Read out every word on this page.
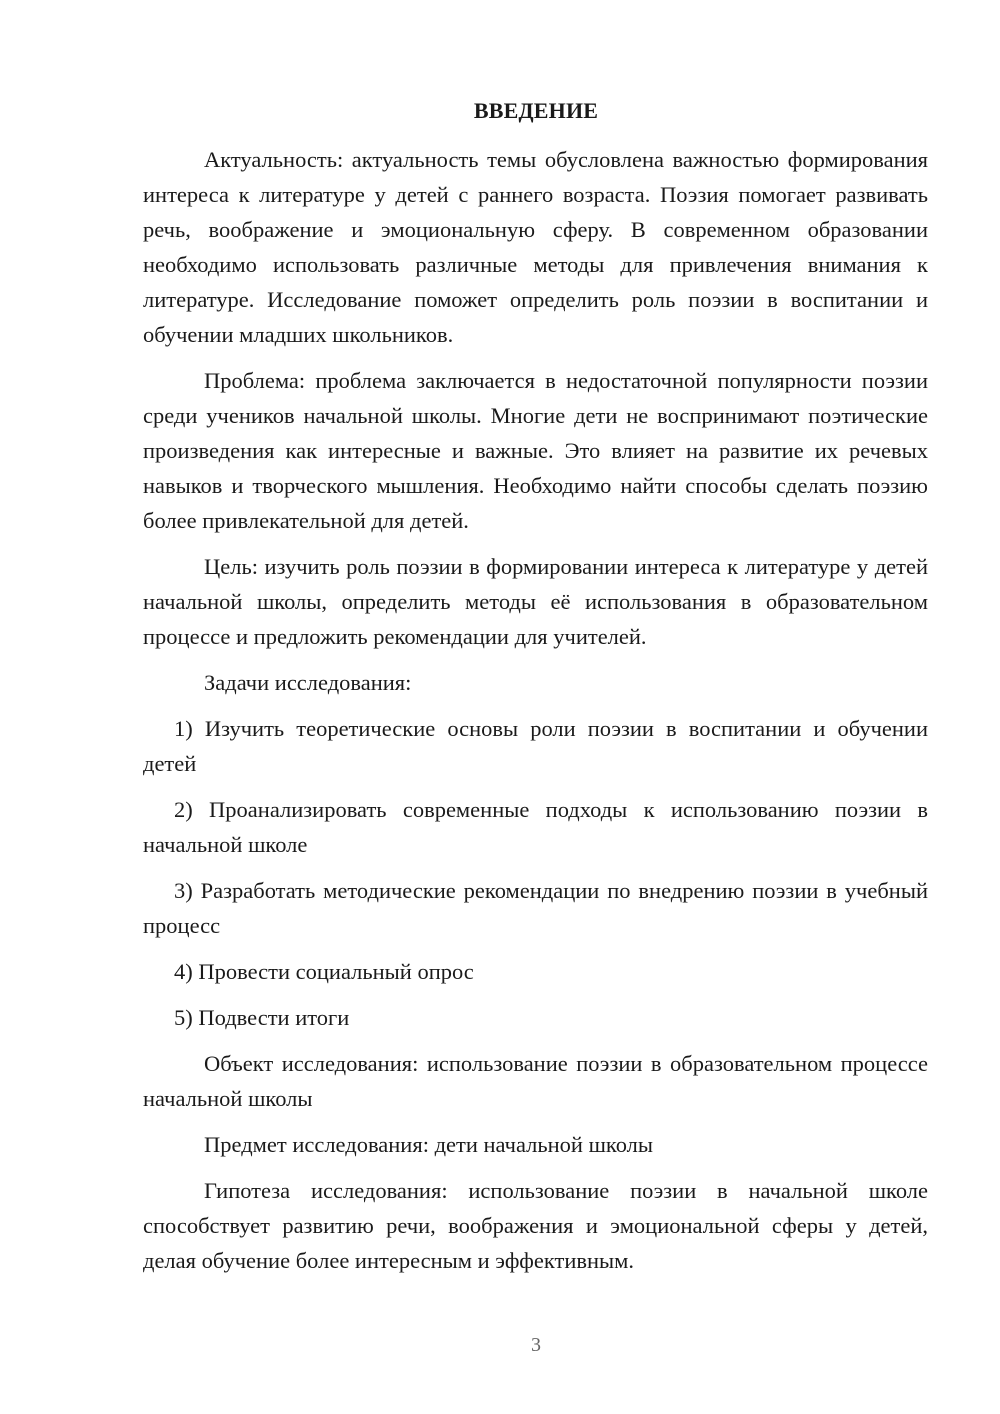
ВВЕДЕНИЕ

Актуальность: актуальность темы обусловлена важностью формирования интереса к литературе у детей с раннего возраста. Поэзия помогает развивать речь, воображение и эмоциональную сферу. В современном образовании необходимо использовать различные методы для привлечения внимания к литературе. Исследование поможет определить роль поэзии в воспитании и обучении младших школьников.

Проблема: проблема заключается в недостаточной популярности поэзии среди учеников начальной школы. Многие дети не воспринимают поэтические произведения как интересные и важные. Это влияет на развитие их речевых навыков и творческого мышления. Необходимо найти способы сделать поэзию более привлекательной для детей.

Цель: изучить роль поэзии в формировании интереса к литературе у детей начальной школы, определить методы её использования в образовательном процессе и предложить рекомендации для учителей.

Задачи исследования:

1) Изучить теоретические основы роли поэзии в воспитании и обучении детей

2) Проанализировать современные подходы к использованию поэзии в начальной школе

3) Разработать методические рекомендации по внедрению поэзии в учебный процесс

4) Провести социальный опрос

5) Подвести итоги

Объект исследования: использование поэзии в образовательном процессе начальной школы

Предмет исследования: дети начальной школы

Гипотеза исследования: использование поэзии в начальной школе способствует развитию речи, воображения и эмоциональной сферы у детей, делая обучение более интересным и эффективным.

3
